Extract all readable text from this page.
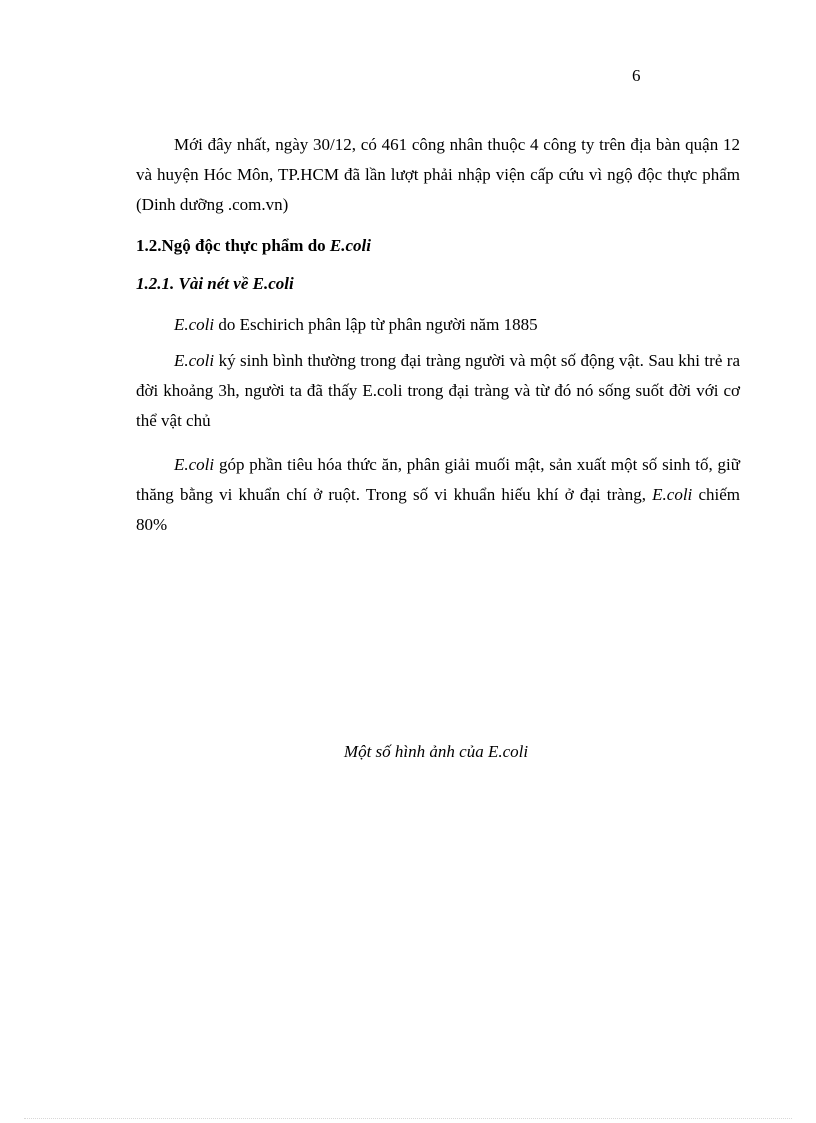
6
Mới đây nhất, ngày 30/12, có 461 công nhân thuộc 4 công ty trên địa bàn quận 12 và huyện Hóc Môn, TP.HCM đã lần lượt phải nhập viện cấp cứu vì ngộ độc thực phẩm (Dinh dưỡng .com.vn)
1.2.Ngộ độc thực phẩm do E.coli
1.2.1. Vài nét về E.coli
E.coli do Eschirich phân lập từ phân người năm 1885
E.coli ký sinh bình thường trong đại tràng người và một số động vật. Sau khi trẻ ra đời khoảng 3h, người ta đã thấy E.coli trong đại tràng và từ đó nó sống suốt đời với cơ thể vật chủ
E.coli góp phần tiêu hóa thức ăn, phân giải muối mật, sản xuất một số sinh tố, giữ thăng bằng vi khuẩn chí ở ruột. Trong số vi khuẩn hiếu khí ở đại tràng, E.coli chiếm 80%
Một số hình ảnh của E.coli
